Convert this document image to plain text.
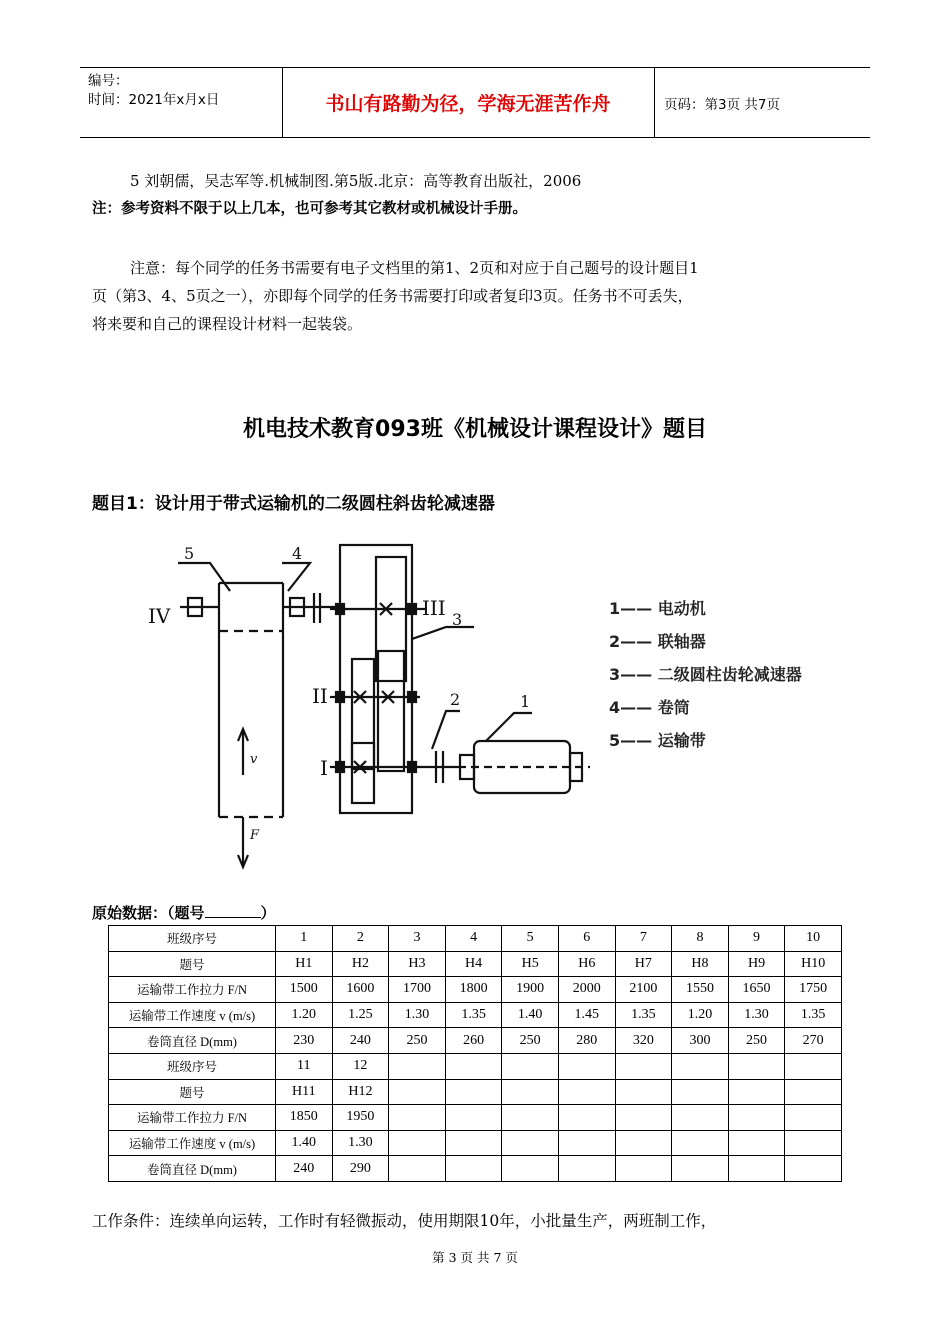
编号：
时间：2021年x月x日	书山有路勤为径，学海无涯苦作舟	页码：第3页 共7页
5 刘朝儒，吴志军等.机械制图.第5版.北京：高等教育出版社，2006
注：参考资料不限于以上几本，也可参考其它教材或机械设计手册。
注意：每个同学的任务书需要有电子文档里的第1、2页和对应于自己题号的设计题目1
页（第3、4、5页之一），亦即每个同学的任务书需要打印或者复印3页。任务书不可丢失，
将来要和自己的课程设计材料一起装袋。
机电技术教育093班《机械设计课程设计》题目
题目1：设计用于带式运输机的二级圆柱斜齿轮减速器
5	4
3
2	1
IV	III
II
I
v
F
1—— 电动机
2—— 联轴器
3—— 二级圆柱齿轮减速器
4—— 卷筒
5—— 运输带
原始数据：（题号	）
班级序号	1	2	3	4	5	6	7	8	9	10
题号	H1	H2	H3	H4	H5	H6	H7	H8	H9	H10
运输带工作拉力 F/N	1500	1600	1700	1800	1900	2000	2100	1550	1650	1750
运输带工作速度 v (m/s)	1.20	1.25	1.30	1.35	1.40	1.45	1.35	1.20	1.30	1.35
卷筒直径 D(mm)	230	240	250	260	250	280	320	300	250	270
班级序号	11	12								
题号	H11	H12								
运输带工作拉力 F/N	1850	1950								
运输带工作速度 v (m/s)	1.40	1.30								
卷筒直径 D(mm)	240	290								
工作条件：连续单向运转，工作时有轻微振动，使用期限10年，小批量生产，两班制工作，
第 3 页 共 7 页
